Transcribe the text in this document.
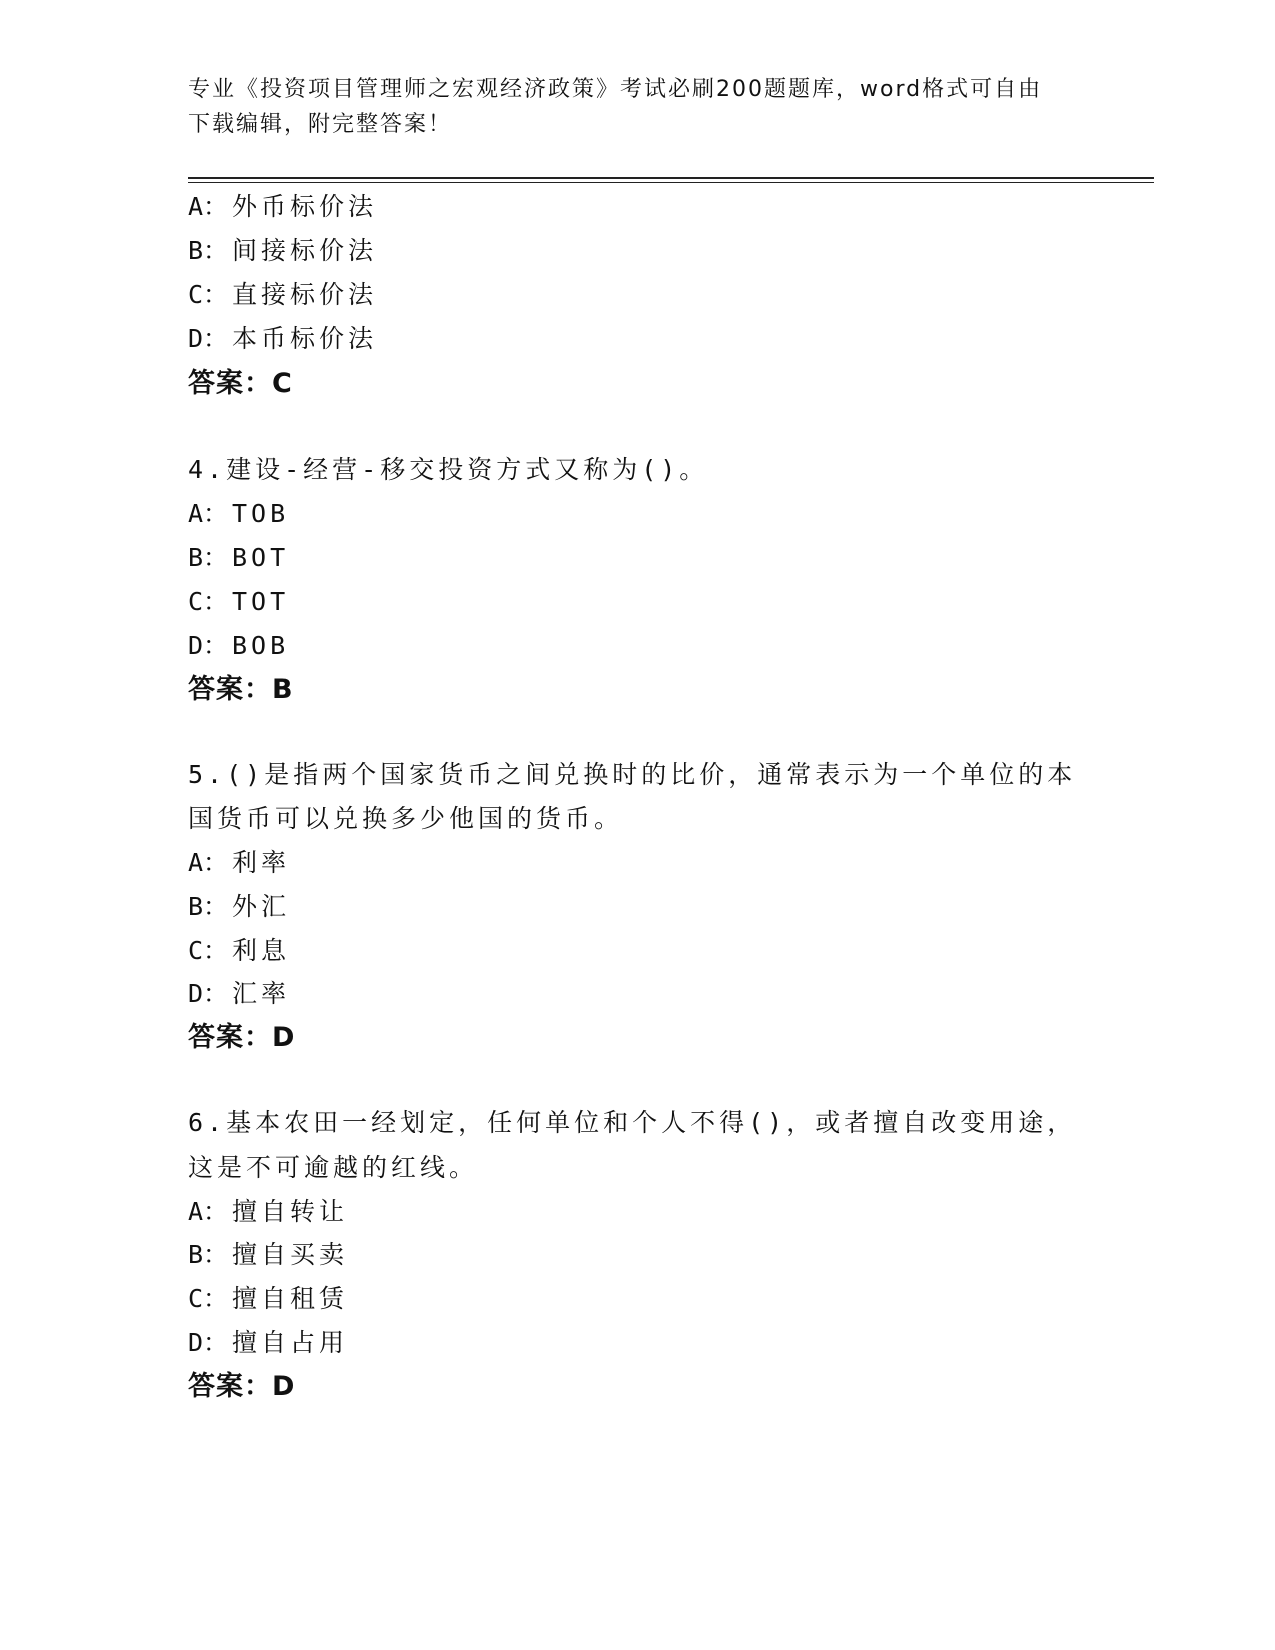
专业《投资项目管理师之宏观经济政策》考试必刷200题题库，word格式可自由
下载编辑，附完整答案！
A： 外币标价法
B： 间接标价法
C： 直接标价法
D： 本币标价法
答案：C
4.建设-经营-移交投资方式又称为()。
A： TOB
B： BOT
C： TOT
D： BOB
答案：B
5.()是指两个国家货币之间兑换时的比价，通常表示为一个单位的本
国货币可以兑换多少他国的货币。
A： 利率
B： 外汇
C： 利息
D： 汇率
答案：D
6.基本农田一经划定，任何单位和个人不得()，或者擅自改变用途，
这是不可逾越的红线。
A： 擅自转让
B： 擅自买卖
C： 擅自租赁
D： 擅自占用
答案：D
